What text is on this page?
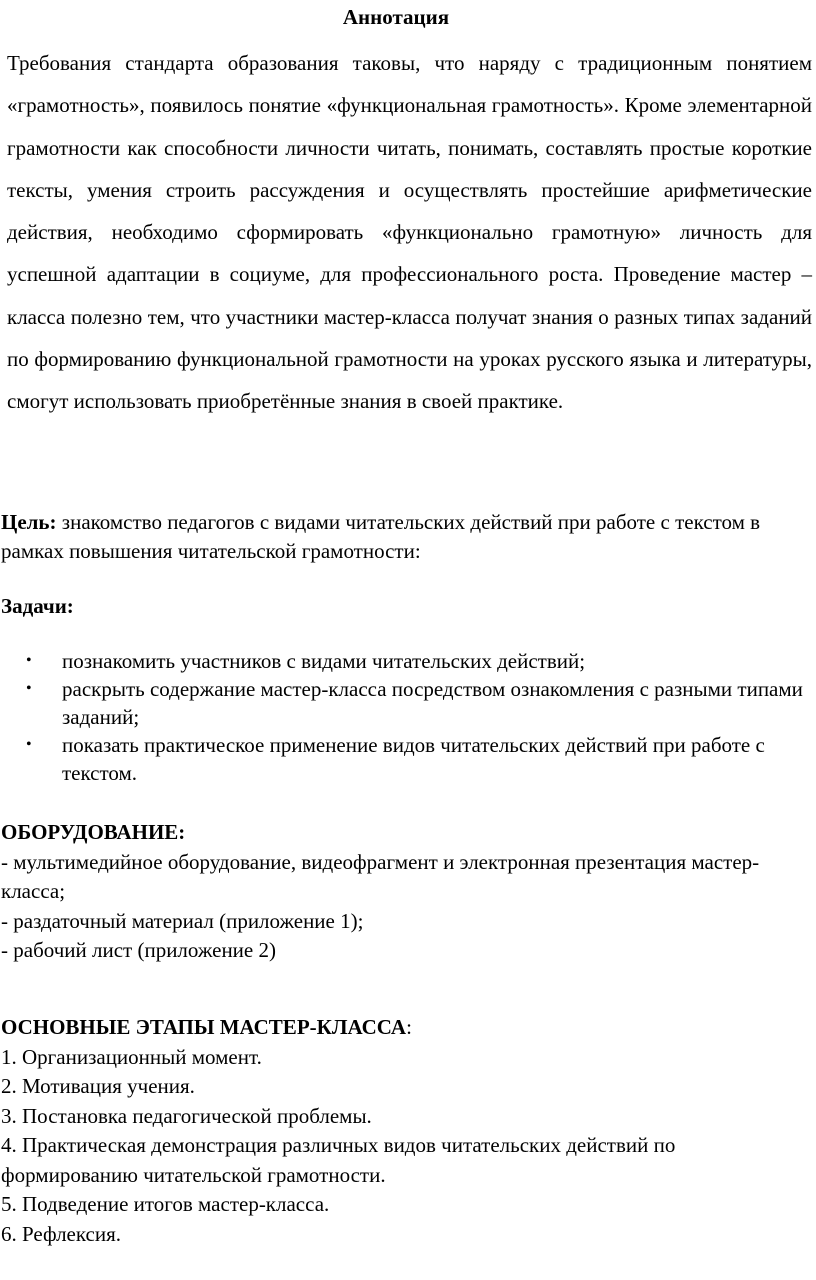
Аннотация

Требования стандарта образования таковы, что наряду с традиционным понятием «грамотность», появилось понятие «функциональная грамотность». Кроме элементарной грамотности как способности личности читать, понимать, составлять простые короткие тексты, умения строить рассуждения и осуществлять простейшие арифметические действия, необходимо сформировать «функционально грамотную» личность для успешной адаптации в социуме, для профессионального роста. Проведение мастер – класса полезно тем, что участники мастер-класса получат знания о разных типах заданий по формированию функциональной грамотности на уроках русского языка и литературы, смогут использовать приобретённые знания в своей практике.

Цель: знакомство педагогов с видами читательских действий при работе с текстом в рамках повышения читательской грамотности:

Задачи:

• познакомить участников с видами читательских действий;
• раскрыть содержание мастер-класса посредством ознакомления с разными типами заданий;
• показать практическое применение видов читательских действий при работе с текстом.
ОБОРУДОВАНИЕ:
- мультимедийное оборудование, видеофрагмент и электронная презентация мастер-класса;
- раздаточный материал (приложение 1);
- рабочий лист (приложение 2)
ОСНОВНЫЕ ЭТАПЫ МАСТЕР-КЛАССА:
1. Организационный момент.
2. Мотивация учения.
3. Постановка педагогической проблемы.
4. Практическая демонстрация различных видов читательских действий по формированию читательской грамотности.
5. Подведение итогов мастер-класса.
6. Рефлексия.
